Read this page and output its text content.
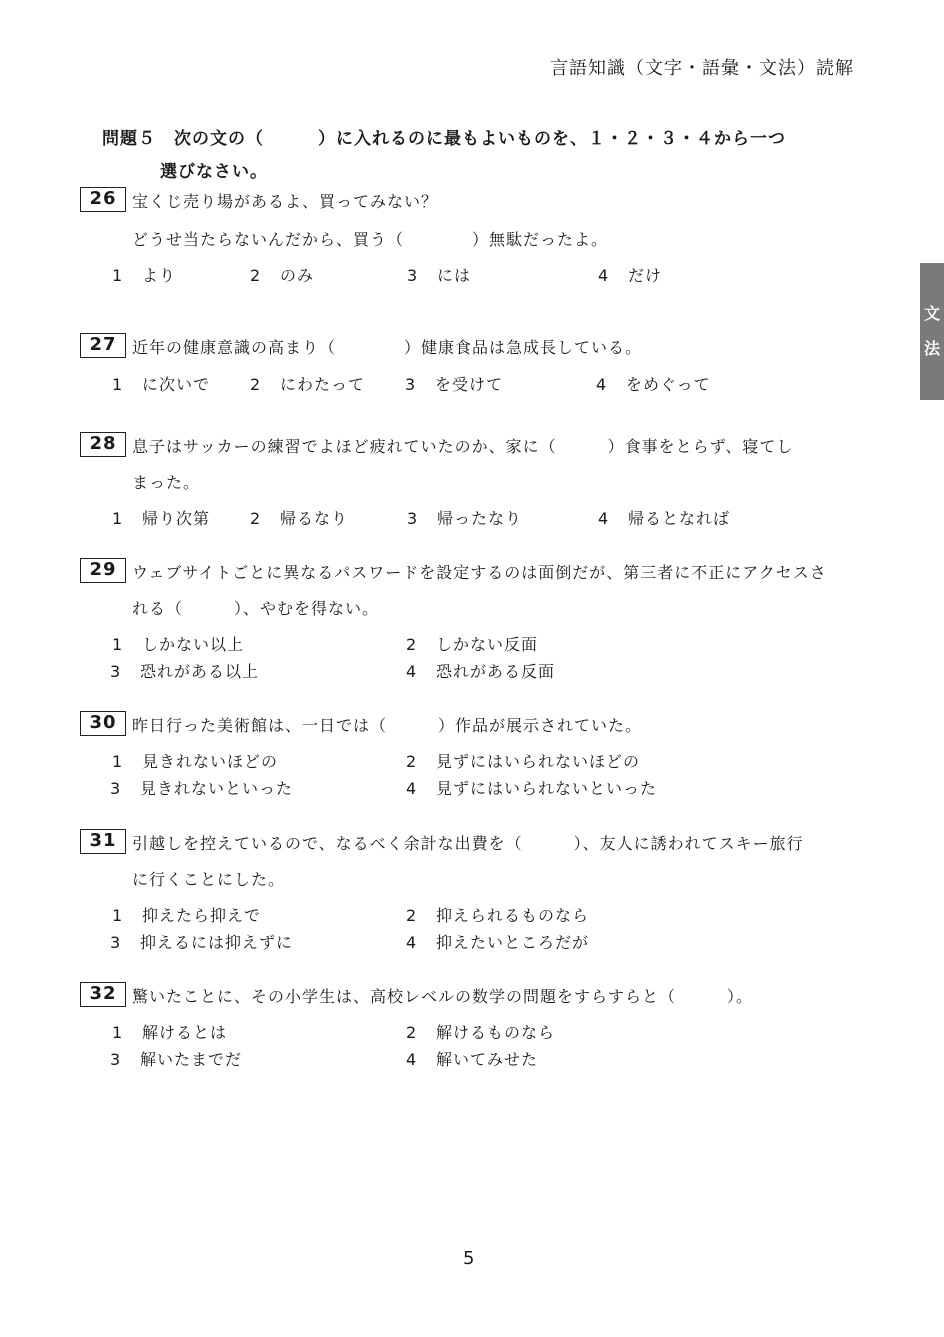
言語知識（文字・語彙・文法）読解
文
法
問題５　次の文の（　　　）に入れるのに最もよいものを、１・２・３・４から一つ
選びなさい。
26 宝くじ売り場があるよ、買ってみない？
どうせ当たらないんだから、買う（　　　　）無駄だったよ。
1 より	2 のみ	3 には	4 だけ
27 近年の健康意識の高まり（　　　　）健康食品は急成長している。
1 に次いで 2 にわたって 3 を受けて	4 をめぐって
28 息子はサッカーの練習でよほど疲れていたのか、家に（　　　）食事をとらず、寝てし
まった。
1 帰り次第 2 帰るなり	3 帰ったなり	4 帰るとなれば
29 ウェブサイトごとに異なるパスワードを設定するのは面倒だが、第三者に不正にアクセスさ
れる（　　　）、やむを得ない。
1 しかない以上	2 しかない反面
3 恐れがある以上	4 恐れがある反面
30 昨日行った美術館は、一日では（　　　）作品が展示されていた。
1 見きれないほどの	2 見ずにはいられないほどの
3 見きれないといった	4 見ずにはいられないといった
31 引越しを控えているので、なるべく余計な出費を（　　　）、友人に誘われてスキー旅行
に行くことにした。
1 抑えたら抑えで	2 抑えられるものなら
3 抑えるには抑えずに	4 抑えたいところだが
32 驚いたことに、その小学生は、高校レベルの数学の問題をすらすらと（　　　）。
1 解けるとは	2 解けるものなら
3 解いたまでだ	4 解いてみせた
5
